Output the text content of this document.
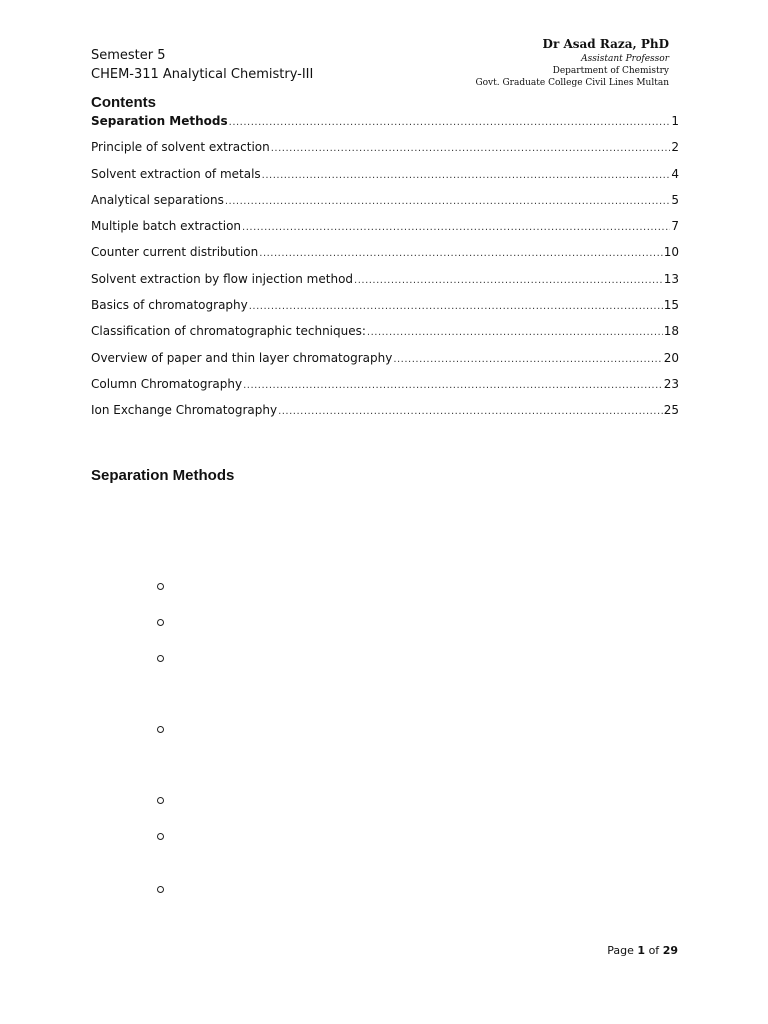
Semester 5
CHEM-311 Analytical Chemistry-III
Dr Asad Raza, PhD
Assistant Professor
Department of Chemistry
Govt. Graduate College Civil Lines Multan
Contents
Separation Methods .....	1
Principle of solvent extraction .....	2
Solvent extraction of metals .....	4
Analytical separations .....	5
Multiple batch extraction .....	7
Counter current distribution .....	10
Solvent extraction by flow injection method .....	13
Basics of chromatography .....	15
Classification of chromatographic techniques: .....	18
Overview of paper and thin layer chromatography .....	20
Column Chromatography .....	23
Ion Exchange Chromatography .....	25
Separation Methods
Page 1 of 29
